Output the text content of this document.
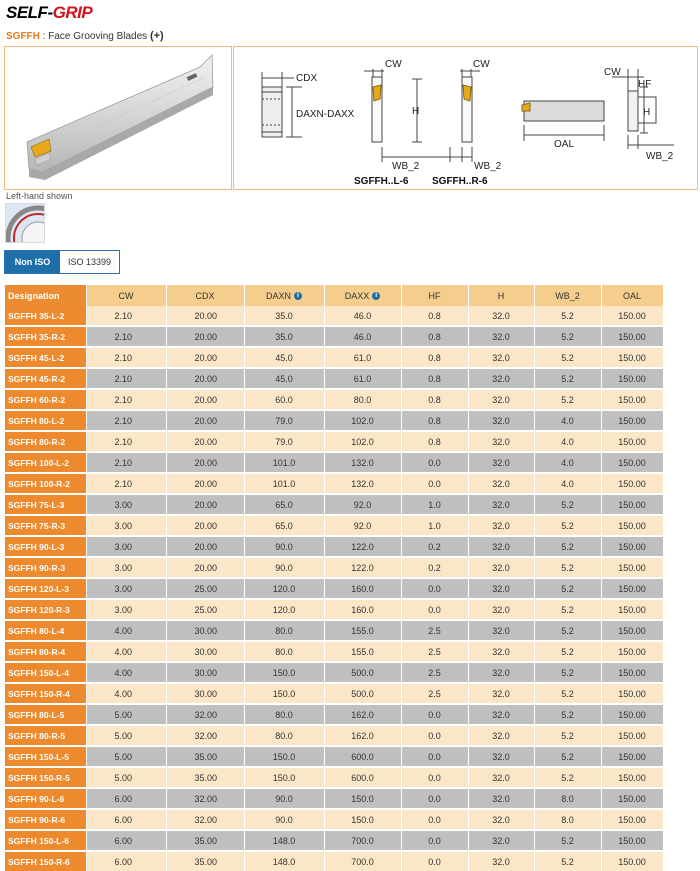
SELF-GRIP
SGFFH : Face Grooving Blades (+)
CDX
DAXN-DAXX
CW	CW
H
WB_2	WB_2
SGFFH..L-6 SGFFH..R-6
CW
HF
H
OAL
WB_2
Left-hand shown
Non ISO	ISO 13399
Designation	CW	CDX	DAXN i	DAXX i	HF	H	WB_2	OAL
SGFFH 35-L-2	2.10	20.00	35.0	46.0	0.8	32.0	5.2	150.00
SGFFH 35-R-2	2.10	20.00	35.0	46.0	0.8	32.0	5.2	150.00
SGFFH 45-L-2	2.10	20.00	45.0	61.0	0.8	32.0	5.2	150.00
SGFFH 45-R-2	2.10	20.00	45.0	61.0	0.8	32.0	5.2	150.00
SGFFH 60-R-2	2.10	20.00	60.0	80.0	0.8	32.0	5.2	150.00
SGFFH 80-L-2	2.10	20.00	79.0	102.0	0.8	32.0	4.0	150.00
SGFFH 80-R-2	2.10	20.00	79.0	102.0	0.8	32.0	4.0	150.00
SGFFH 100-L-2	2.10	20.00	101.0	132.0	0.0	32.0	4.0	150.00
SGFFH 100-R-2	2.10	20.00	101.0	132.0	0.0	32.0	4.0	150.00
SGFFH 75-L-3	3.00	20.00	65.0	92.0	1.0	32.0	5.2	150.00
SGFFH 75-R-3	3.00	20.00	65.0	92.0	1.0	32.0	5.2	150.00
SGFFH 90-L-3	3.00	20.00	90.0	122.0	0.2	32.0	5.2	150.00
SGFFH 90-R-3	3.00	20.00	90.0	122.0	0.2	32.0	5.2	150.00
SGFFH 120-L-3	3.00	25.00	120.0	160.0	0.0	32.0	5.2	150.00
SGFFH 120-R-3	3.00	25.00	120.0	160.0	0.0	32.0	5.2	150.00
SGFFH 80-L-4	4.00	30.00	80.0	155.0	2.5	32.0	5.2	150.00
SGFFH 80-R-4	4.00	30.00	80.0	155.0	2.5	32.0	5.2	150.00
SGFFH 150-L-4	4.00	30.00	150.0	500.0	2.5	32.0	5.2	150.00
SGFFH 150-R-4	4.00	30.00	150.0	500.0	2.5	32.0	5.2	150.00
SGFFH 80-L-5	5.00	32.00	80.0	162.0	0.0	32.0	5.2	150.00
SGFFH 80-R-5	5.00	32.00	80.0	162.0	0.0	32.0	5.2	150.00
SGFFH 150-L-5	5.00	35.00	150.0	600.0	0.0	32.0	5.2	150.00
SGFFH 150-R-5	5.00	35.00	150.0	600.0	0.0	32.0	5.2	150.00
SGFFH 90-L-6	6.00	32.00	90.0	150.0	0.0	32.0	8.0	150.00
SGFFH 90-R-6	6.00	32.00	90.0	150.0	0.0	32.0	8.0	150.00
SGFFH 150-L-6	6.00	35.00	148.0	700.0	0.0	32.0	5.2	150.00
SGFFH 150-R-6	6.00	35.00	148.0	700.0	0.0	32.0	5.2	150.00
